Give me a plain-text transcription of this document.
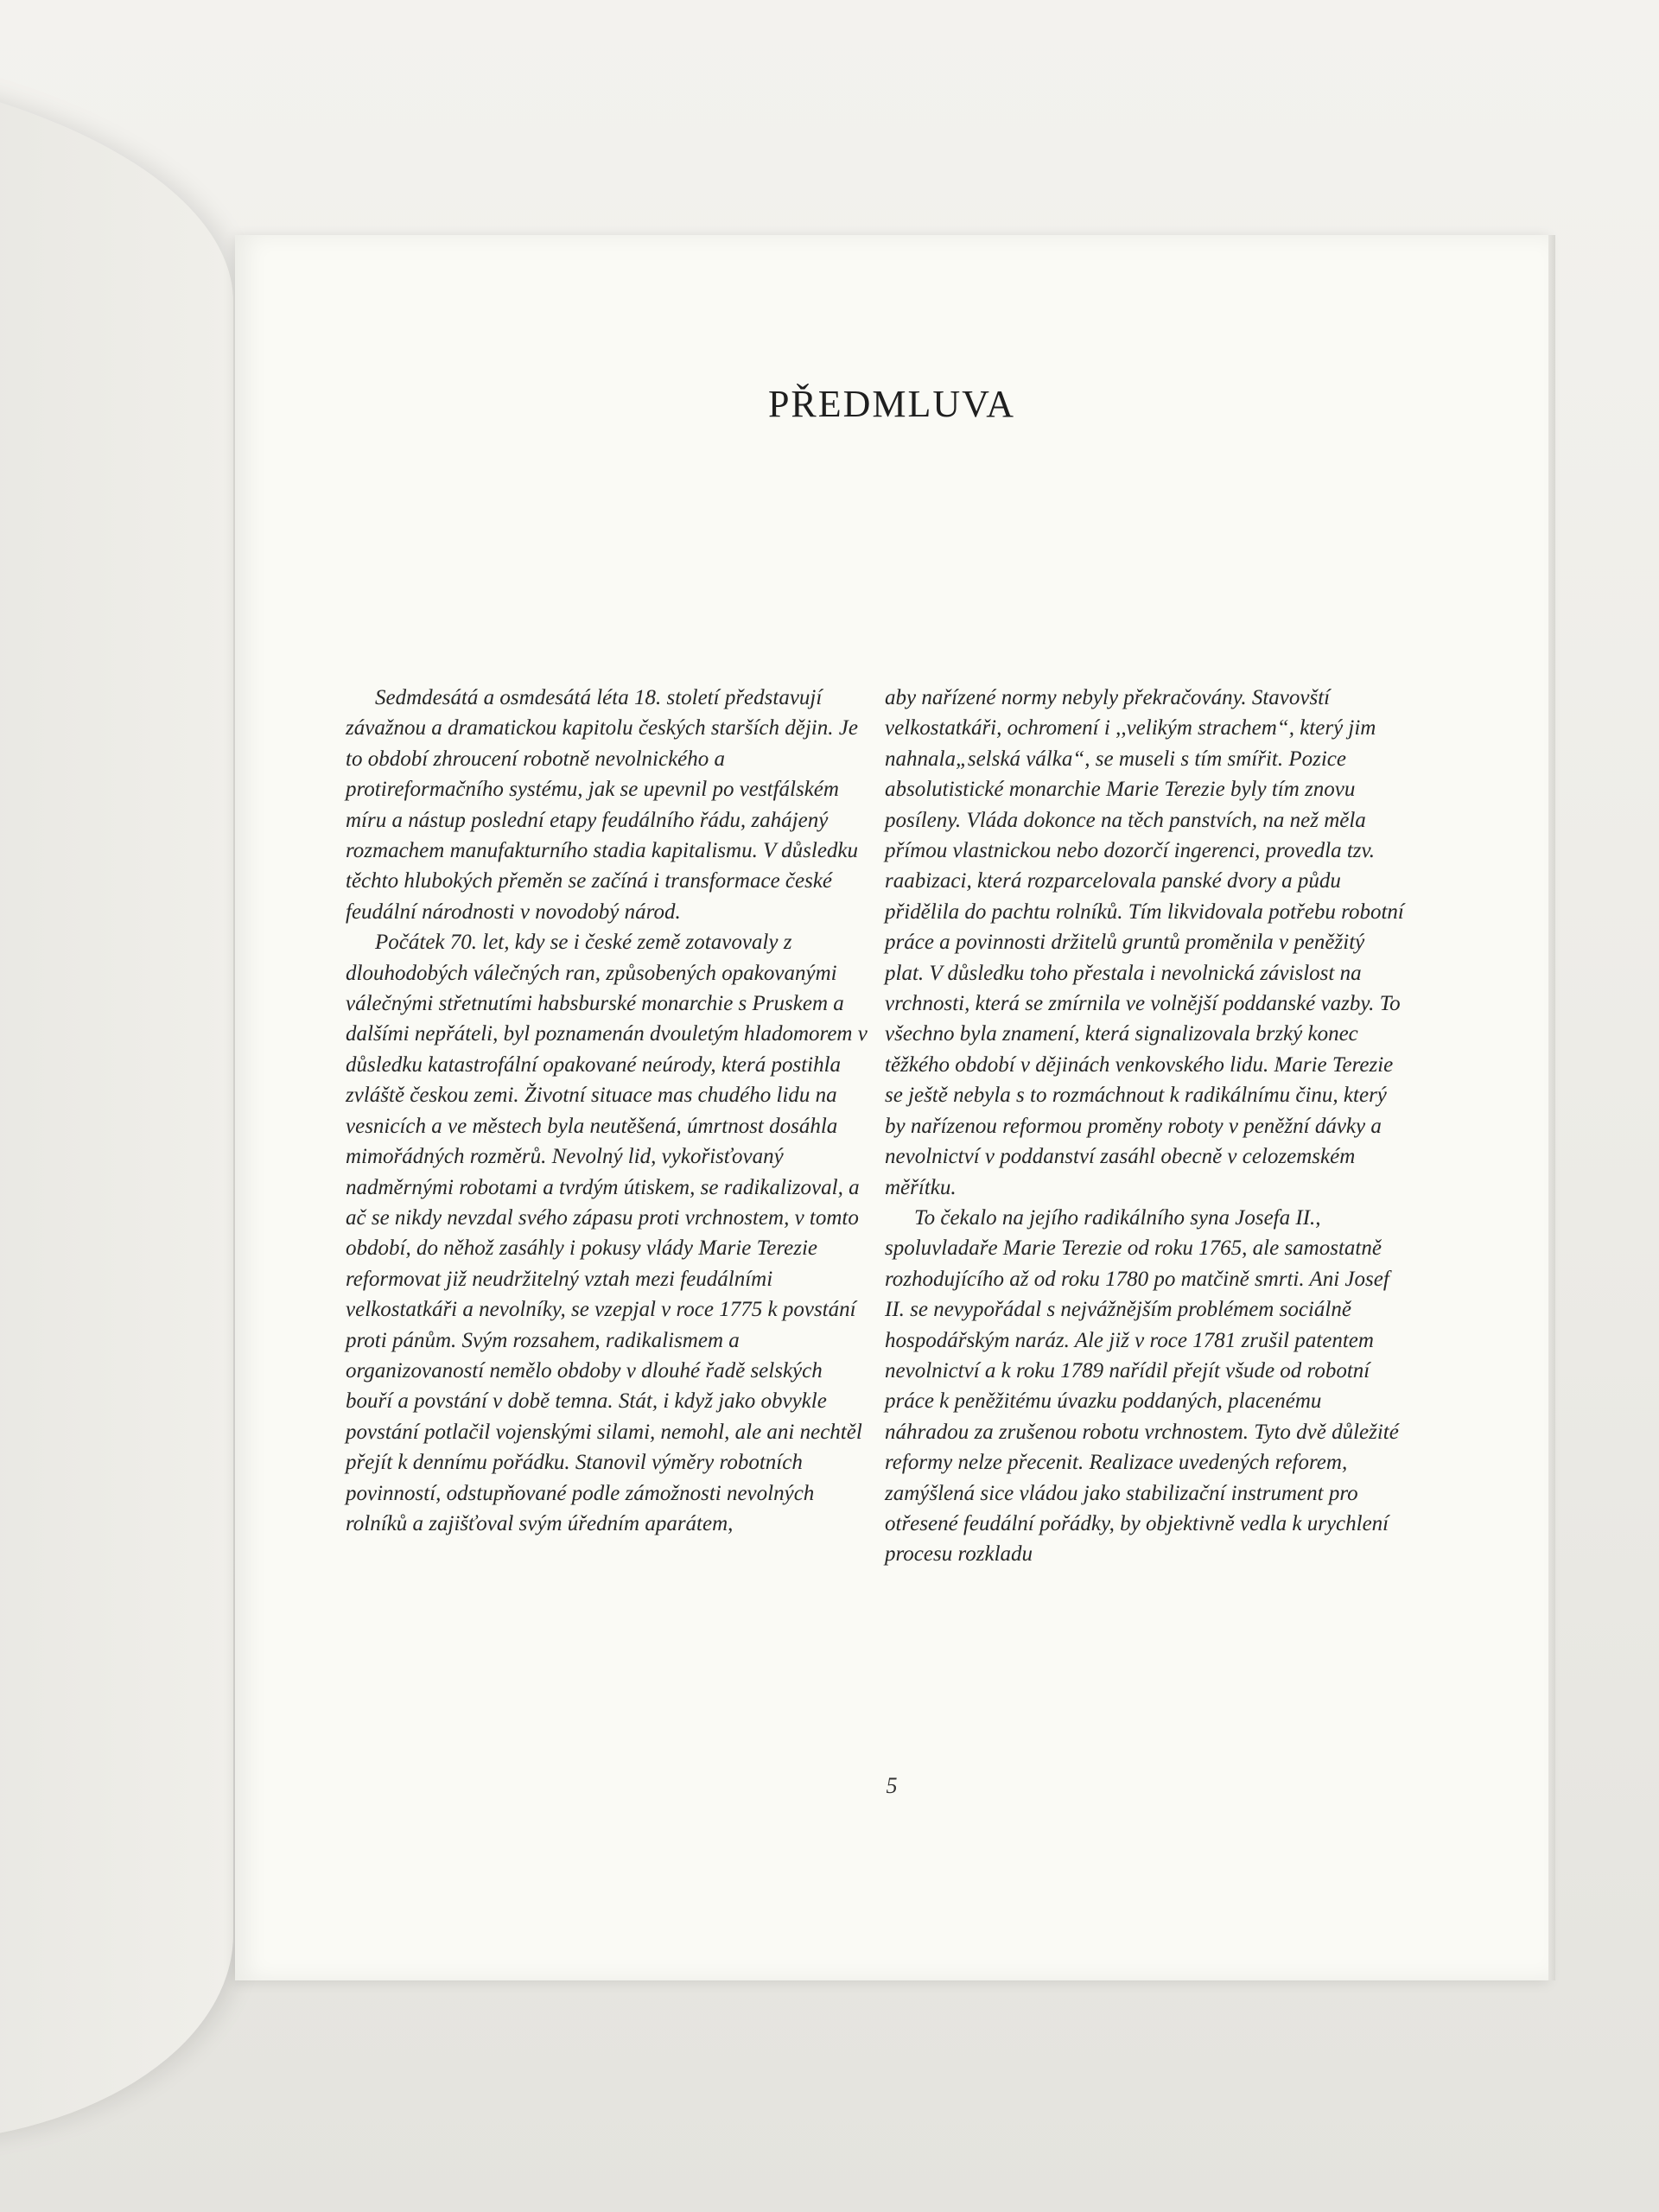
PŘEDMLUVA

Sedmdesátá a osmdesátá léta 18. století představují závažnou a dramatickou kapitolu českých starších dějin. Je to období zhroucení robotně nevolnického a protireformačního systému, jak se upevnil po vestfálském míru a nástup poslední etapy feudálního řádu, zahájený rozmachem manufakturního stadia kapitalismu. V důsledku těchto hlubokých přeměn se začíná i transformace české feudální národnosti v novodobý národ.

Počátek 70. let, kdy se i české země zotavovaly z dlouhodobých válečných ran, způsobených opakovanými válečnými střetnutími habsburské monarchie s Pruskem a dalšími nepřáteli, byl poznamenán dvouletým hladomorem v důsledku katastrofální opakované neúrody, která postihla zvláště českou zemi. Životní situace mas chudého lidu na vesnicích a ve městech byla neutěšená, úmrtnost dosáhla mimořádných rozměrů. Nevolný lid, vykořisťovaný nadměrnými robotami a tvrdým útiskem, se radikalizoval, a ač se nikdy nevzdal svého zápasu proti vrchnostem, v tomto období, do něhož zasáhly i pokusy vlády Marie Terezie reformovat již neudržitelný vztah mezi feudálními velkostatkáři a nevolníky, se vzepjal v roce 1775 k povstání proti pánům. Svým rozsahem, radikalismem a organizovaností nemělo obdoby v dlouhé řadě selských bouří a povstání v době temna. Stát, i když jako obvykle povstání potlačil vojenskými silami, nemohl, ale ani nechtěl přejít k dennímu pořádku. Stanovil výměry robotních povinností, odstupňované podle zámožnosti nevolných rolníků a zajišťoval svým úředním aparátem,

aby nařízené normy nebyly překračovány. Stavovští velkostatkáři, ochromení i ,,velikým strachem“, který jim nahnala„selská válka“, se museli s tím smířit. Pozice absolutistické monarchie Marie Terezie byly tím znovu posíleny. Vláda dokonce na těch panstvích, na než měla přímou vlastnickou nebo dozorčí ingerenci, provedla tzv. raabizaci, která rozparcelovala panské dvory a půdu přidělila do pachtu rolníků. Tím likvidovala potřebu robotní práce a povinnosti držitelů gruntů proměnila v peněžitý plat. V důsledku toho přestala i nevolnická závislost na vrchnosti, která se zmírnila ve volnější poddanské vazby. To všechno byla znamení, která signalizovala brzký konec těžkého období v dějinách venkovského lidu. Marie Terezie se ještě nebyla s to rozmáchnout k radikálnímu činu, který by nařízenou reformou proměny roboty v peněžní dávky a nevolnictví v poddanství zasáhl obecně v celozemském měřítku.

To čekalo na jejího radikálního syna Josefa II., spoluvladaře Marie Terezie od roku 1765, ale samostatně rozhodujícího až od roku 1780 po matčině smrti. Ani Josef II. se nevypořádal s nejvážnějším problémem sociálně hospodářským naráz. Ale již v roce 1781 zrušil patentem nevolnictví a k roku 1789 nařídil přejít všude od robotní práce k peněžitému úvazku poddaných, placenému náhradou za zrušenou robotu vrchnostem. Tyto dvě důležité reformy nelze přecenit. Realizace uvedených reforem, zamýšlená sice vládou jako stabilizační instrument pro otřesené feudální pořádky, by objektivně vedla k urychlení procesu rozkladu

5
